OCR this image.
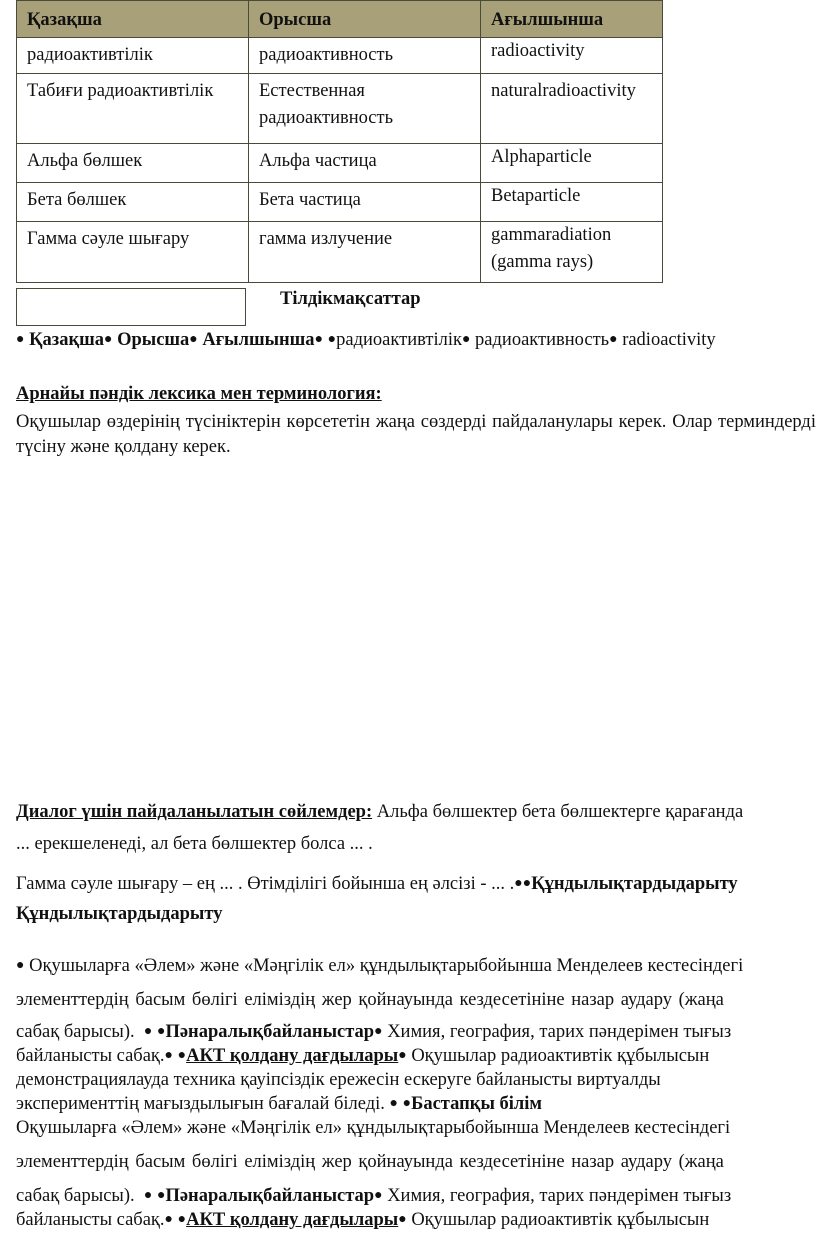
Қазақша	Орысша	Ағылшынша
радиоактивтілік	радиоактивность	radioactivity
Табиғи радиоактивтілік	Естественная радиоактивность	naturalradioactivity
Альфа бөлшек	Альфа частица	Alphaparticle
Бета бөлшек	Бета частица	Betaparticle
Гамма сәуле шығару	гамма излучение	gammaradiation (gamma rays)
Тілдікмақсаттар
● Қазақша● Орысша● Ағылшынша● ●радиоактивтілік● радиоактивность● radioactivity
Арнайы пәндік лексика мен терминология:
Оқушылар өздерінің түсініктерін көрсететін жаңа сөздерді пайдаланулары керек. Олар терминдерді түсіну және қолдану керек.
Диалог үшін пайдаланылатын сөйлемдер: Альфа бөлшектер бета бөлшектерге қарағанда
... ерекшеленеді, ал бета бөлшектер болса ... .
Гамма сәуле шығару – ең ... . Өтімділігі бойынша ең әлсізі - ... .●●Құндылықтардыдарыту
Құндылықтардыдарыту
● Оқушыларға «Әлем» және «Мәңгілік ел» құндылықтарыбойынша Менделеев кестесіндегі
элементтердің басым бөлігі еліміздің жер қойнауында кездесетініне назар аудару (жаңа
сабақ барысы). ● ●Пәнаралықбайланыстар● Химия, география, тарих пәндерімен тығыз
байланысты сабақ.● ●АКТ қолдану дағдылары● Оқушылар радиоактивтік құбылысын
демонстрациялауда техника қауіпсіздік ережесін ескеруге байланысты виртуалды
эксперименттің мағыздылығын бағалай біледі. ● ●Бастапқы білім
Оқушыларға «Әлем» және «Мәңгілік ел» құндылықтарыбойынша Менделеев кестесіндегі
элементтердің басым бөлігі еліміздің жер қойнауында кездесетініне назар аудару (жаңа
сабақ барысы). ● ●Пәнаралықбайланыстар● Химия, география, тарих пәндерімен тығыз
байланысты сабақ.● ●АКТ қолдану дағдылары● Оқушылар радиоактивтік құбылысын
